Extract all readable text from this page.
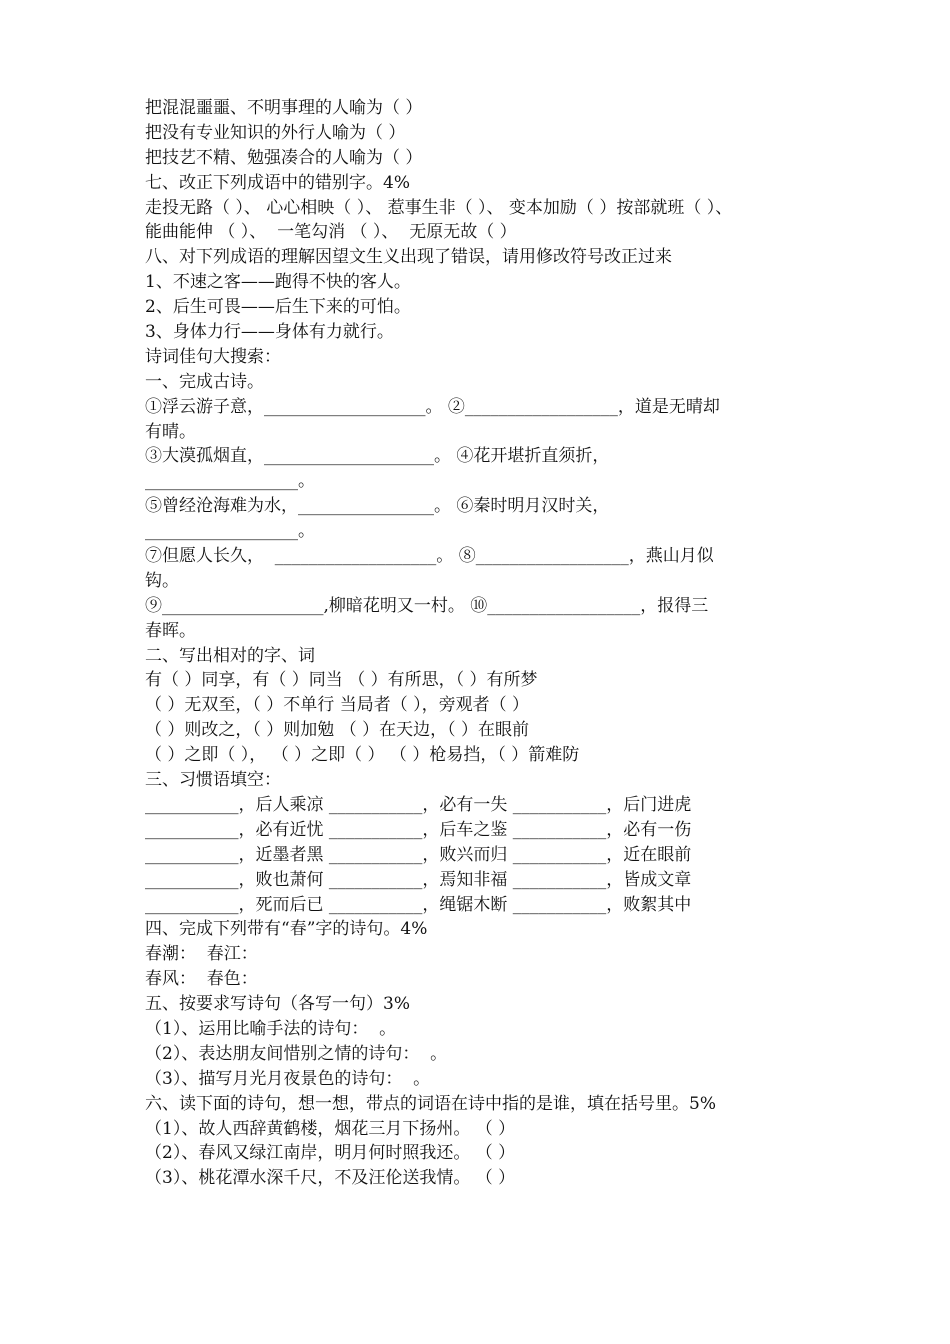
把混混噩噩、不明事理的人喻为（ ）
把没有专业知识的外行人喻为（ ）
把技艺不精、勉强凑合的人喻为（ ）
七、改正下列成语中的错别字。4%
走投无路（ ）、 心心相映（ ）、 惹事生非（ ）、 变本加励（ ）按部就班（ ）、
能曲能伸 （ ）、  一笔勾消 （ ）、  无原无故（ ）
八、对下列成语的理解因望文生义出现了错误，请用修改符号改正过来
1、不速之客——跑得不快的客人。
2、后生可畏——后生下来的可怕。
3、身体力行——身体有力就行。
诗词佳句大搜索：
一、完成古诗。
①浮云游子意，___________________。 ②__________________，道是无晴却
有晴。
③大漠孤烟直，____________________。 ④花开堪折直须折，
__________________。
⑤曾经沧海难为水，________________。 ⑥秦时明月汉时关，
__________________。
⑦但愿人长久，  ___________________。 ⑧__________________，燕山月似
钩。
⑨___________________,柳暗花明又一村。 ⑩__________________，报得三
春晖。
二、写出相对的字、词
有（ ）同享，有（ ）同当 （ ）有所思，（ ）有所梦
（ ）无双至，（ ）不单行 当局者（ ），旁观者（ ）
（ ）则改之，（ ）则加勉 （ ）在天边，（ ）在眼前
（ ）之即（ ）， （ ）之即（ ） （ ）枪易挡，（ ）箭难防
三、习惯语填空：
___________，后人乘凉 ___________，必有一失 ___________，后门进虎
___________，必有近忧 ___________，后车之鉴 ___________，必有一伤
___________，近墨者黑 ___________，败兴而归 ___________，近在眼前
___________，败也萧何 ___________，焉知非福 ___________，皆成文章
___________，死而后已 ___________，绳锯木断 ___________，败絮其中
四、完成下列带有“春”字的诗句。4%
春潮：  春江：
春风：  春色：
五、按要求写诗句（各写一句）3%
（1）、运用比喻手法的诗句：  。
（2）、表达朋友间惜别之情的诗句：  。
（3）、描写月光月夜景色的诗句：  。
六、读下面的诗句，想一想，带点的词语在诗中指的是谁，填在括号里。5%
（1）、故人西辞黄鹤楼，烟花三月下扬州。 （ ）
（2）、春风又绿江南岸，明月何时照我还。 （ ）
（3）、桃花潭水深千尺，不及汪伦送我情。 （ ）
